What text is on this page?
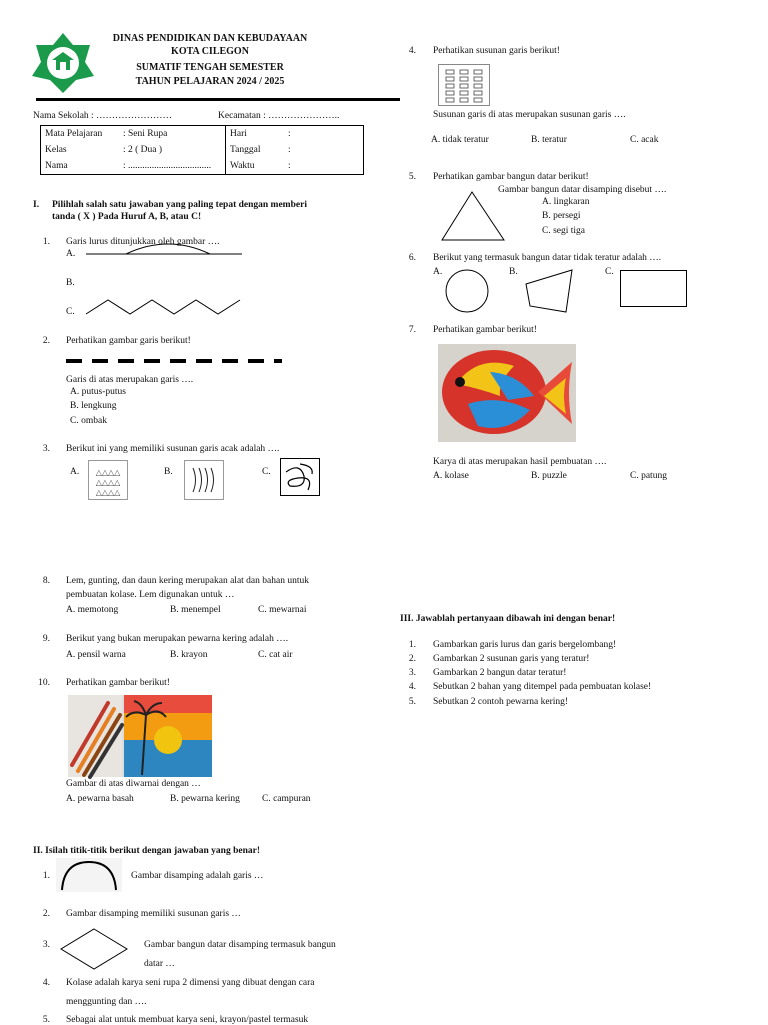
DINAS PENDIDIKAN DAN KEBUDAYAAN
KOTA CILEGON
SUMATIF TENGAH SEMESTER
TAHUN PELAJARAN 2024 / 2025
Nama Sekolah : ……………………	Kecamatan : …………………..
Mata Pelajaran	: Seni Rupa	Hari	:
Kelas	: 2 ( Dua )	Tanggal	:
Nama	: ...................................	Waktu	:
I. Pilihlah salah satu jawaban yang paling tepat dengan memberi
tanda ( X ) Pada Huruf A, B, atau C!
1. Garis lurus ditunjukkan oleh gambar ….
A.
B.
C.
2. Perhatikan gambar garis berikut!
Garis di atas merupakan garis ….
A. putus-putus
B. lengkung
C. ombak
3. Berikut ini yang memiliki susunan garis acak adalah ….
A. △△△△
△△△△
△△△△
B.	C.
8. Lem, gunting, dan daun kering merupakan alat dan bahan untuk
pembuatan kolase. Lem digunakan untuk …
A. memotong	B. menempel	C. mewarnai
9. Berikut yang bukan merupakan pewarna kering adalah ….
A. pensil warna	B. krayon	C. cat air
10. Perhatikan gambar berikut!
Gambar di atas diwarnai dengan …
A. pewarna basah	B. pewarna kering C. campuran
II. Isilah titik-titik berikut dengan jawaban yang benar!
1.	Gambar disamping adalah garis …
2. Gambar disamping memiliki susunan garis …
3.	Gambar bangun datar disamping termasuk bangun
datar …
4. Kolase adalah karya seni rupa 2 dimensi yang dibuat dengan cara
menggunting dan ….
5. Sebagai alat untuk membuat karya seni, krayon/pastel termasuk
4. Perhatikan susunan garis berikut!
Susunan garis di atas merupakan susunan garis ….
A. tidak teratur	B. teratur	C. acak
5. Perhatikan gambar bangun datar berikut!
Gambar bangun datar disamping disebut ….
A. lingkaran
B. persegi
C. segi tiga
6. Berikut yang termasuk bangun datar tidak teratur adalah ….
A.	B.	C.
7. Perhatikan gambar berikut!
Karya di atas merupakan hasil pembuatan ….
A. kolase	B. puzzle	C. patung
III. Jawablah pertanyaan dibawah ini dengan benar!
1. Gambarkan garis lurus dan garis bergelombang!
2. Gambarkan 2 susunan garis yang teratur!
3. Gambarkan 2 bangun datar teratur!
4. Sebutkan 2 bahan yang ditempel pada pembuatan kolase!
5. Sebutkan 2 contoh pewarna kering!
